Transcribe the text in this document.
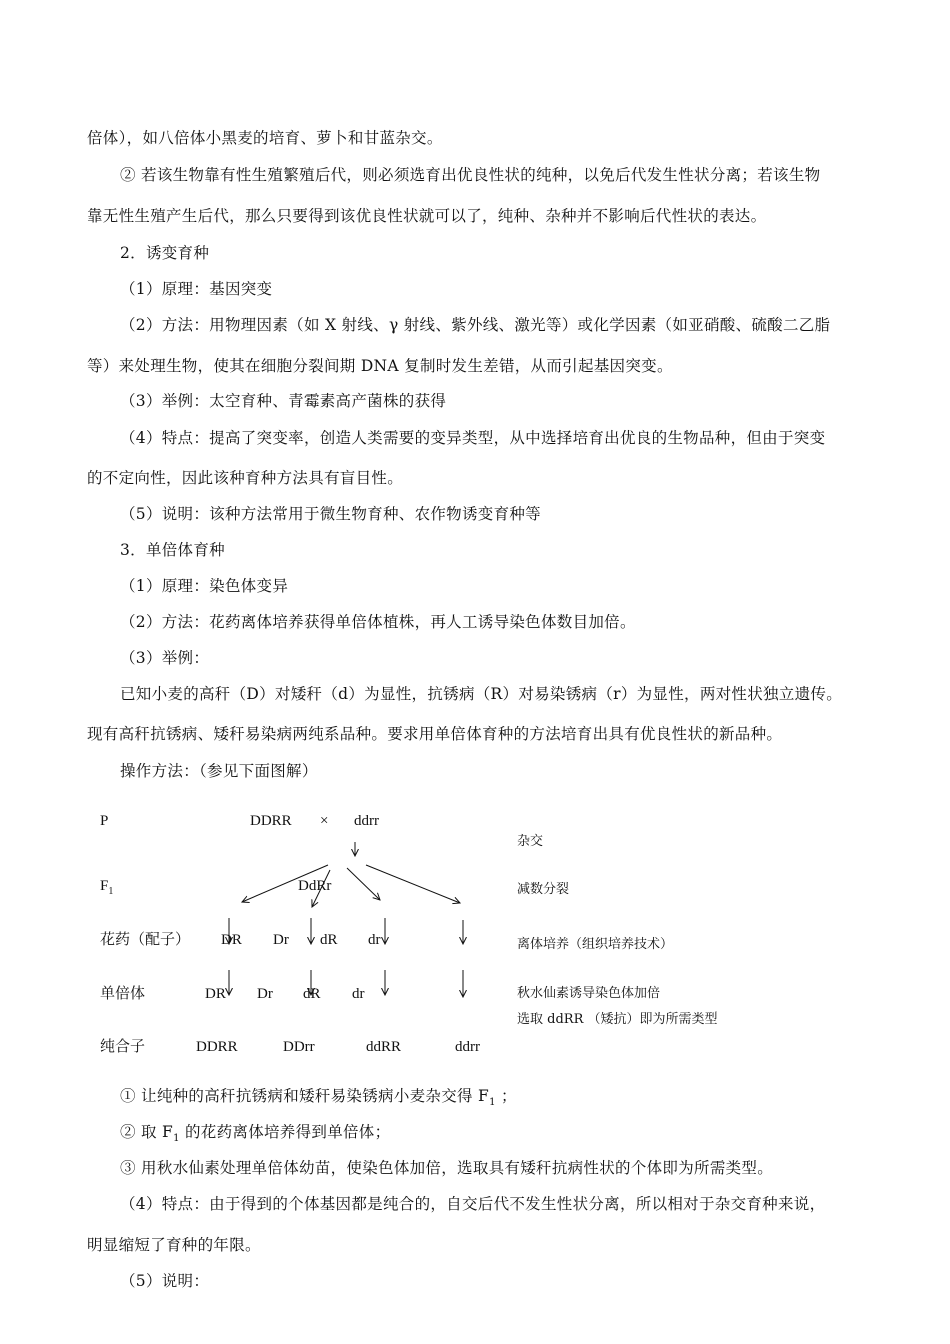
倍体），如八倍体小黑麦的培育、萝卜和甘蓝杂交。
② 若该生物靠有性生殖繁殖后代，则必须选育出优良性状的纯种，以免后代发生性状分离；若该生物
靠无性生殖产生后代，那么只要得到该优良性状就可以了，纯种、杂种并不影响后代性状的表达。
2．诱变育种
（1）原理：基因突变
（2）方法：用物理因素（如 X 射线、γ 射线、紫外线、激光等）或化学因素（如亚硝酸、硫酸二乙脂
等）来处理生物，使其在细胞分裂间期 DNA 复制时发生差错，从而引起基因突变。
（3）举例：太空育种、青霉素高产菌株的获得
（4）特点：提高了突变率，创造人类需要的变异类型，从中选择培育出优良的生物品种，但由于突变
的不定向性，因此该种育种方法具有盲目性。
（5）说明：该种方法常用于微生物育种、农作物诱变育种等
3．单倍体育种
（1）原理：染色体变异
（2）方法：花药离体培养获得单倍体植株，再人工诱导染色体数目加倍。
（3）举例：
已知小麦的高秆（D）对矮秆（d）为显性，抗锈病（R）对易染锈病（r）为显性，两对性状独立遗传。
现有高秆抗锈病、矮秆易染病两纯系品种。要求用单倍体育种的方法培育出具有优良性状的新品种。
操作方法：（参见下面图解）
P	DDRR × ddrr
$F_1$	DdRr
花药（配子） DR Dr dR dr
单倍体	DR Dr dR dr
纯合子	DDRR	DDrr	ddRR	ddrr
杂交
减数分裂
离体培养（组织培养技术）
秋水仙素诱导染色体加倍
选取 ddRR （矮抗）即为所需类型
① 让纯种的高秆抗锈病和矮秆易染锈病小麦杂交得 $F_1$ ；
② 取 $F_1$ 的花药离体培养得到单倍体；
③ 用秋水仙素处理单倍体幼苗，使染色体加倍，选取具有矮秆抗病性状的个体即为所需类型。
（4）特点：由于得到的个体基因都是纯合的，自交后代不发生性状分离，所以相对于杂交育种来说，
明显缩短了育种的年限。
（5）说明：
